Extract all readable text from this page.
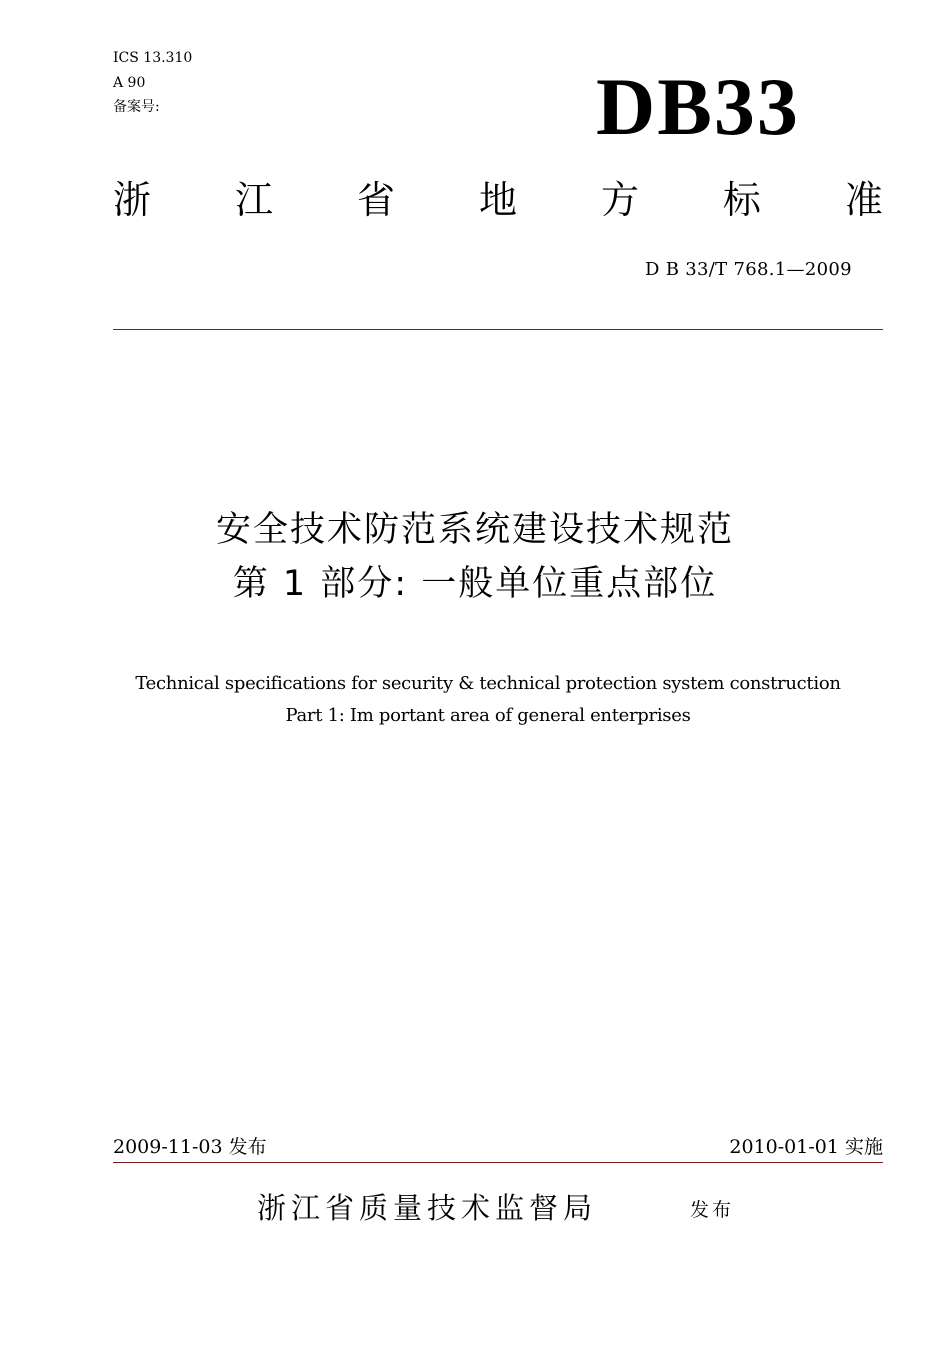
ICS 13.310
A 90
备案号:	DB33
浙 江 省 地 方 标 准
D B 33/T 768.1—2009
安全技术防范系统建设技术规范
第 1 部分: 一般单位重点部位
Technical specifications for security & technical protection system construction
Part 1: Im portant area of general enterprises
2009-11-03 发布	2010-01-01 实施
浙江省质量技术监督局	发布
